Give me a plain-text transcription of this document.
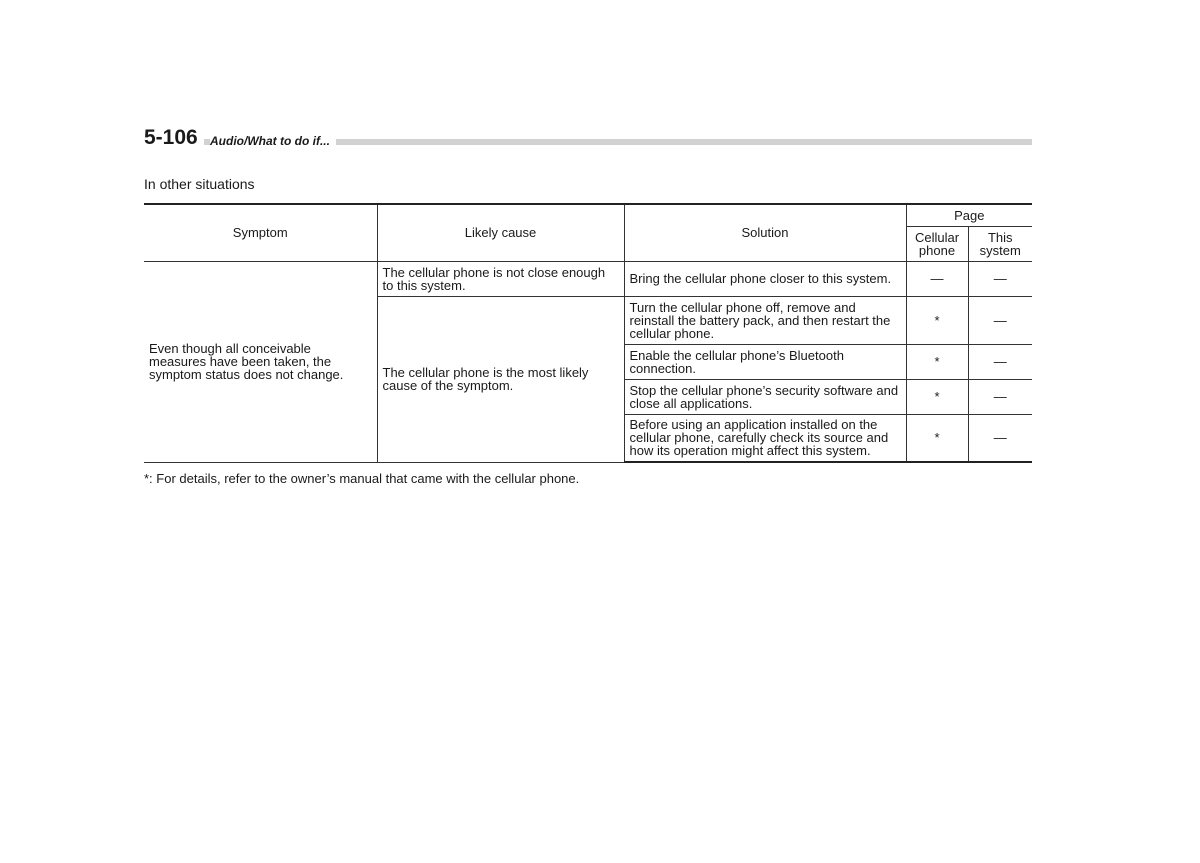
5-106	Audio/What to do if...
In other situations
Symptom	Likely cause	Solution	Page	
			Cellular phone	This system
Even though all conceivable measures have been taken, the symptom status does not change.	The cellular phone is not close enough to this system.	Bring the cellular phone closer to this system.	—	—
	The cellular phone is the most likely cause of the symptom.	Turn the cellular phone off, remove and reinstall the battery pack, and then restart the cellular phone.	*	—
		Enable the cellular phone’s Bluetooth connection.	*	—
		Stop the cellular phone’s security software and close all applications.	*	—
		Before using an application installed on the cellular phone, carefully check its source and how its operation might affect this system.	*	—
*: For details, refer to the owner’s manual that came with the cellular phone.
